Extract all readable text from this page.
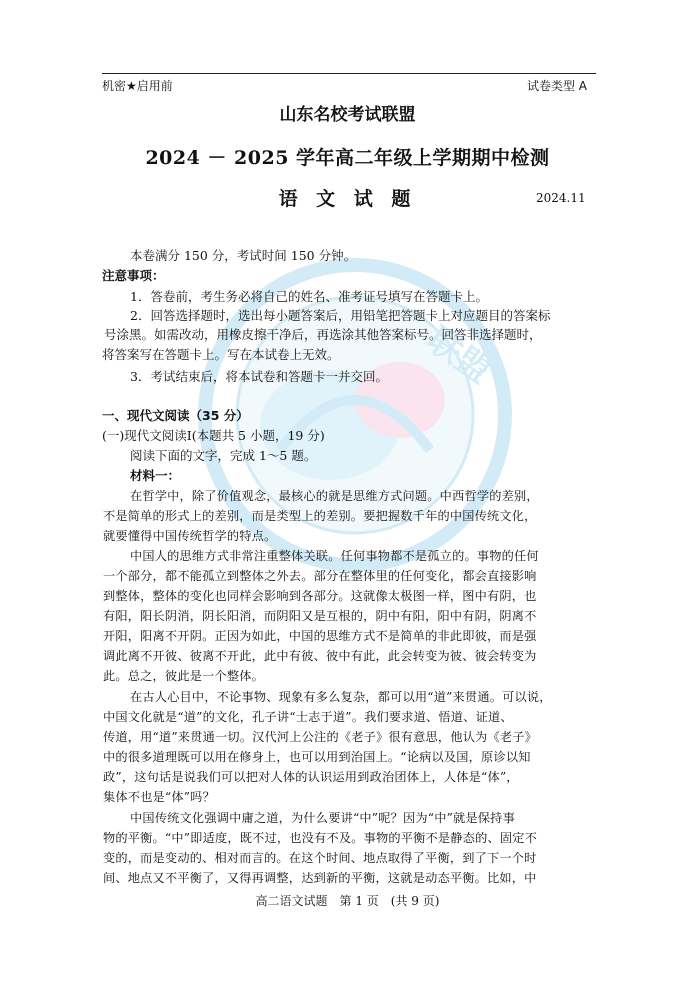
联盟
机密★启用前	试卷类型 A
山东名校考试联盟
2024 － 2025 学年高二年级上学期期中检测
语 文 试 题	2024.11
本卷满分 150 分，考试时间 150 分钟。
注意事项：
1．答卷前，考生务必将自己的姓名、准考证号填写在答题卡上。
2．回答选择题时，选出每小题答案后，用铅笔把答题卡上对应题目的答案标
号涂黑。如需改动，用橡皮擦干净后，再选涂其他答案标号。回答非选择题时，
将答案写在答题卡上。写在本试卷上无效。
3．考试结束后，将本试卷和答题卡一并交回。
一、现代文阅读（35 分）
(一)现代文阅读Ⅰ(本题共 5 小题，19 分)
阅读下面的文字，完成 1～5 题。
材料一：
在哲学中，除了价值观念，最核心的就是思维方式问题。中西哲学的差别，
不是简单的形式上的差别，而是类型上的差别。要把握数千年的中国传统文化，
就要懂得中国传统哲学的特点。
中国人的思维方式非常注重整体关联。任何事物都不是孤立的。事物的任何
一个部分，都不能孤立到整体之外去。部分在整体里的任何变化，都会直接影响
到整体，整体的变化也同样会影响到各部分。这就像太极图一样，图中有阴，也
有阳，阳长阴消，阴长阳消，而阴阳又是互根的，阴中有阳，阳中有阴，阴离不
开阳，阳离不开阴。正因为如此，中国的思维方式不是简单的非此即彼，而是强
调此离不开彼、彼离不开此，此中有彼、彼中有此，此会转变为彼、彼会转变为
此。总之，彼此是一个整体。
在古人心目中，不论事物、现象有多么复杂，都可以用“道”来贯通。可以说，
中国文化就是“道”的文化，孔子讲“士志于道”。我们要求道、悟道、证道、
传道，用“道”来贯通一切。汉代河上公注的《老子》很有意思，他认为《老子》
中的很多道理既可以用在修身上，也可以用到治国上。“论病以及国，原诊以知
政”，这句话是说我们可以把对人体的认识运用到政治团体上，人体是“体”，
集体不也是“体”吗？
中国传统文化强调中庸之道，为什么要讲“中”呢？因为“中”就是保持事
物的平衡。“中”即适度，既不过，也没有不及。事物的平衡不是静态的、固定不
变的，而是变动的、相对而言的。在这个时间、地点取得了平衡，到了下一个时
间、地点又不平衡了，又得再调整，达到新的平衡，这就是动态平衡。比如，中
高二语文试题　第 1 页　(共 9 页)
